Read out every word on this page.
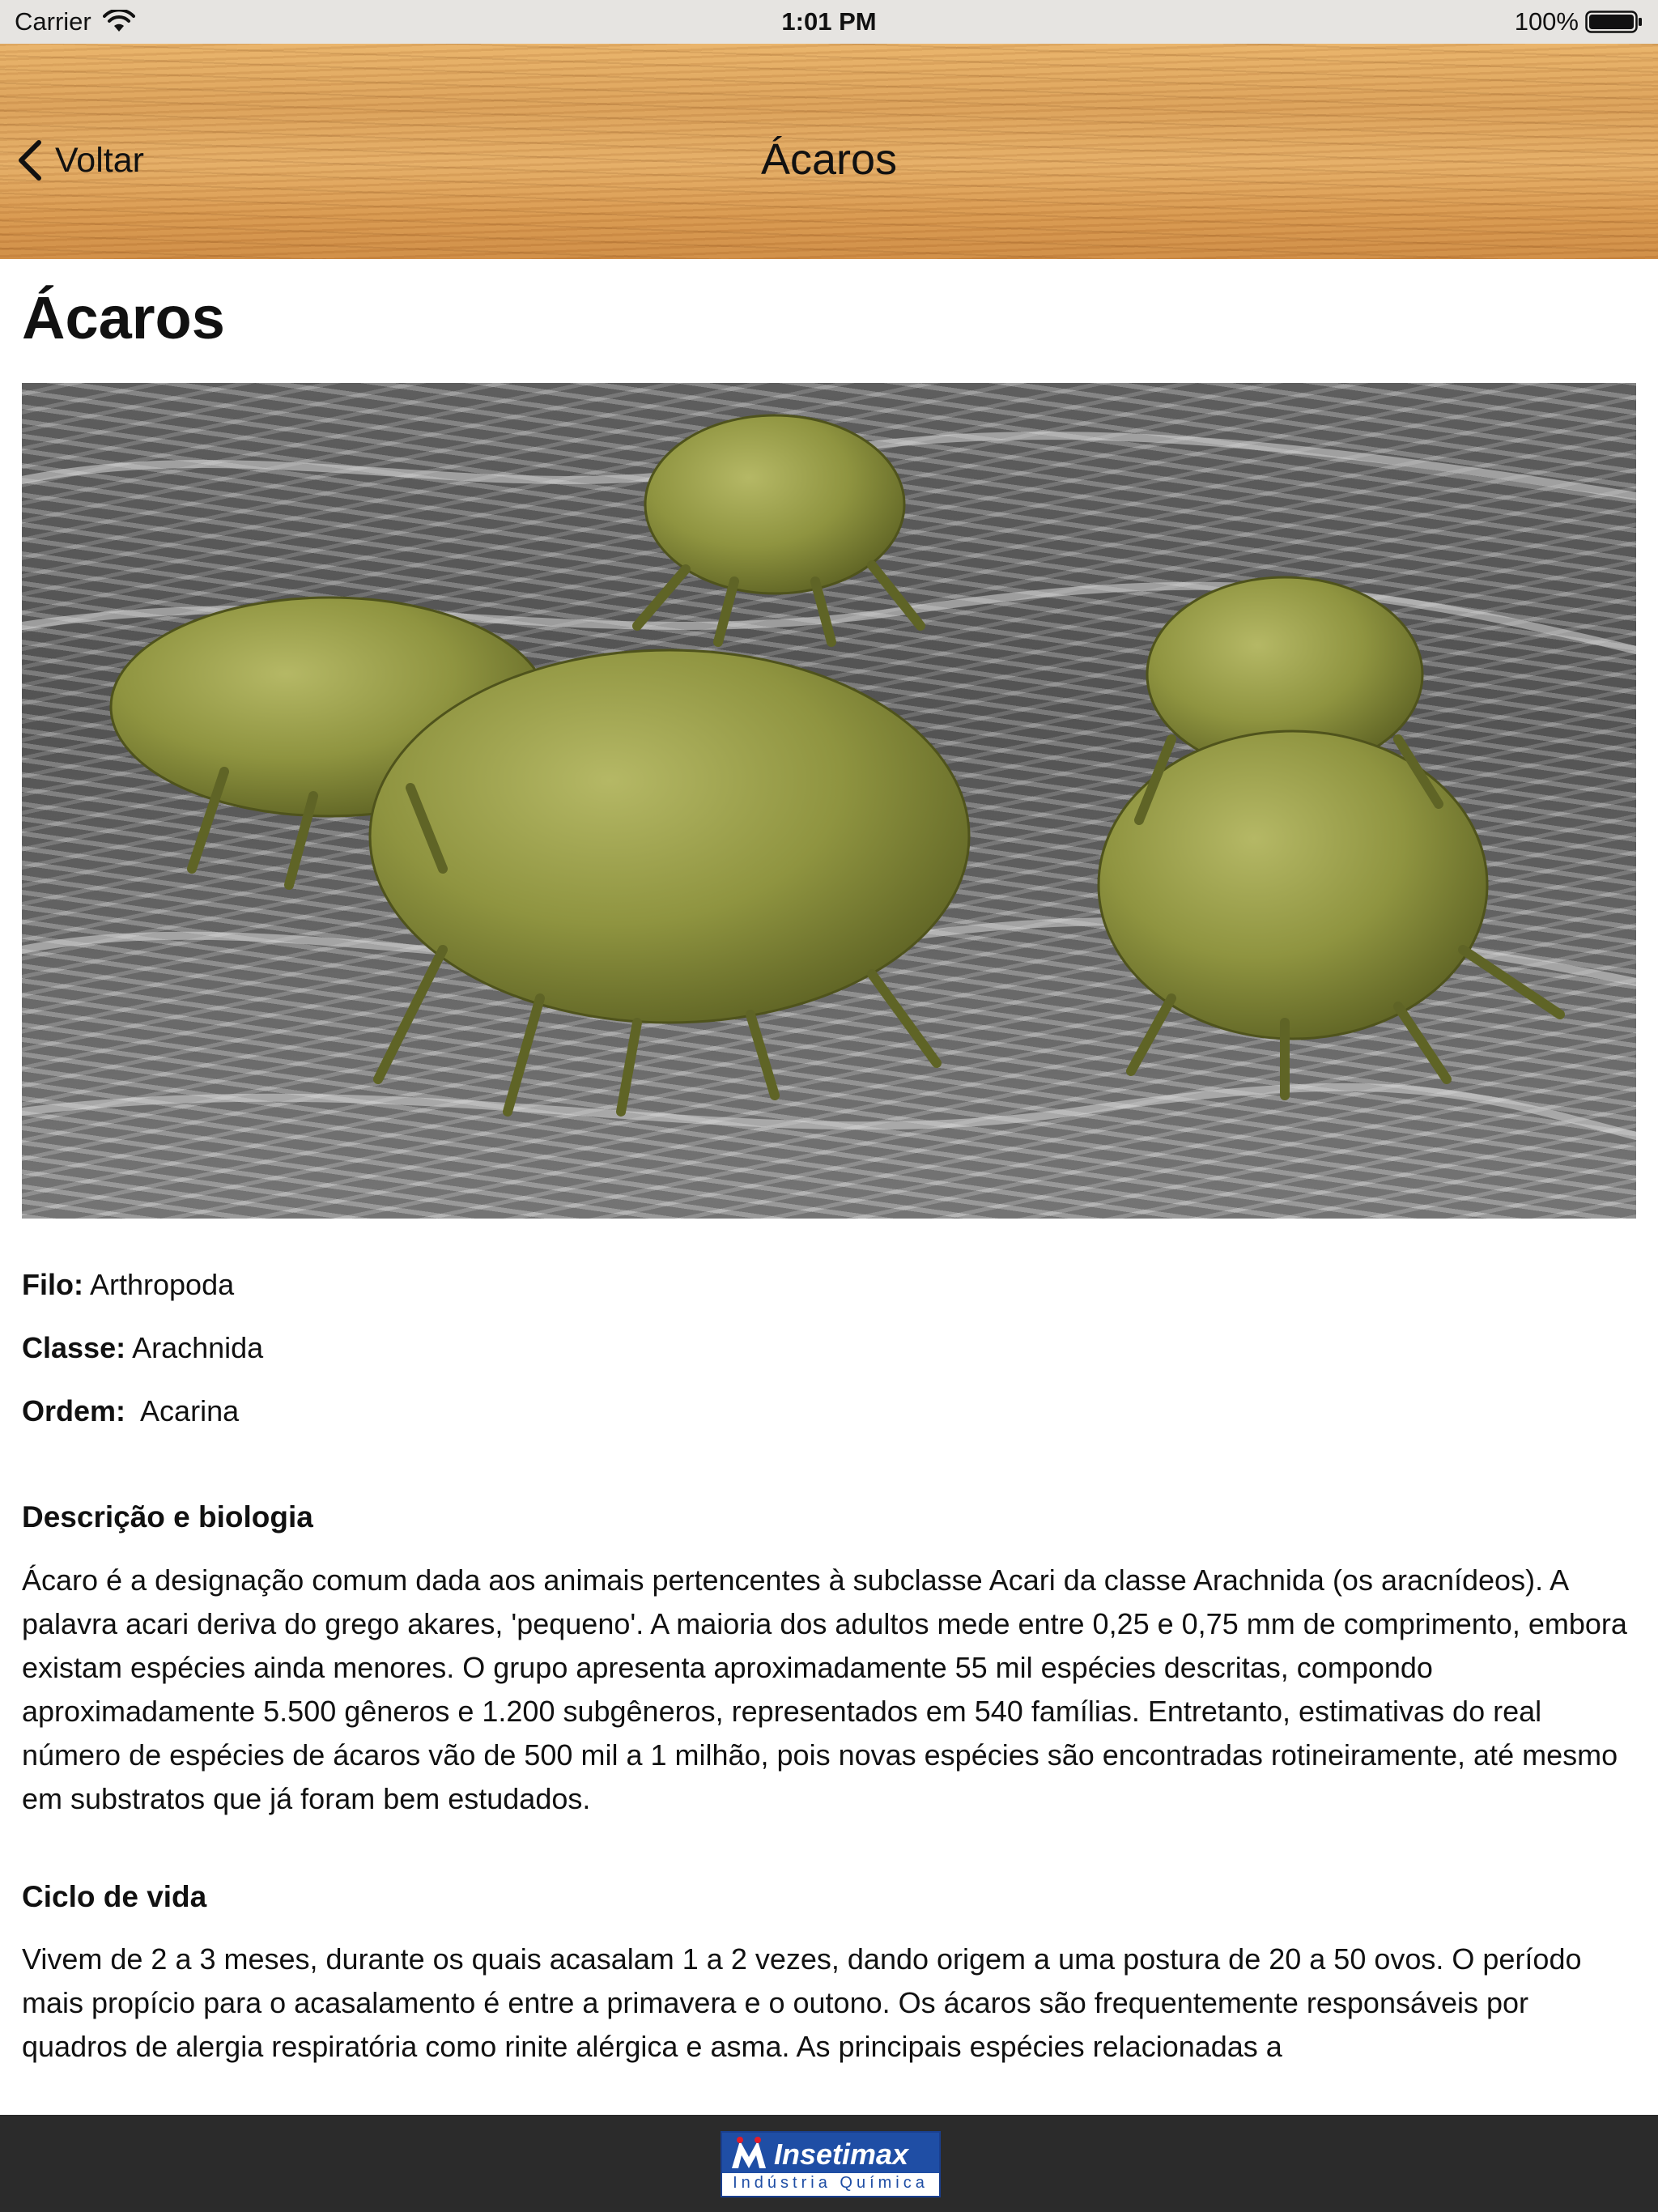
Carrier	1:01 PM	100%
Voltar	Ácaros
Ácaros

Filo: Arthropoda

Classe: Arachnida

Ordem:  Acarina

Descrição e biologia

Ácaro é a designação comum dada aos animais pertencentes à subclasse Acari da classe Arachnida (os aracnídeos). A palavra acari deriva do grego akares, 'pequeno'. A maioria dos adultos mede entre 0,25 e 0,75 mm de comprimento, embora existam espécies ainda menores. O grupo apresenta aproximadamente 55 mil espécies descritas, compondo aproximadamente 5.500 gêneros e 1.200 subgêneros, representados em 540 famílias. Entretanto, estimativas do real número de espécies de ácaros vão de 500 mil a 1 milhão, pois novas espécies são encontradas rotineiramente, até mesmo em substratos que já foram bem estudados.

Ciclo de vida

Vivem de 2 a 3 meses, durante os quais acasalam 1 a 2 vezes, dando origem a uma postura de 20 a 50 ovos. O período mais propício para o acasalamento é entre a primavera e o outono. Os ácaros são frequentemente responsáveis por quadros de alergia respiratória como rinite alérgica e asma. As principais espécies relacionadas a

Insetimax
Indústria Química
